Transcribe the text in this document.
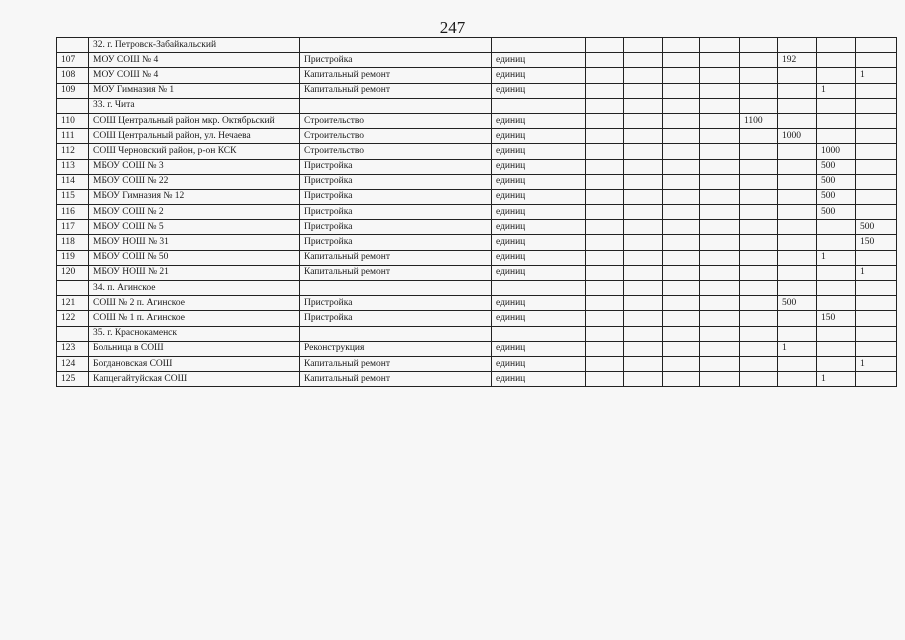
247
	32. г. Петровск-Забайкальский										
107	МОУ СОШ № 4	Пристройка	единиц						192		
108	МОУ СОШ № 4	Капитальный ремонт	единиц								1
109	МОУ Гимназия № 1	Капитальный ремонт	единиц							1	
	33. г. Чита										
110	СОШ Центральный район мкр. Октябрьский	Строительство	единиц					1100			
111	СОШ Центральный район, ул. Нечаева	Строительство	единиц						1000		
112	СОШ Черновский район, р-он КСК	Строительство	единиц							1000	
113	МБОУ СОШ № 3	Пристройка	единиц							500	
114	МБОУ СОШ № 22	Пристройка	единиц							500	
115	МБОУ Гимназия № 12	Пристройка	единиц							500	
116	МБОУ СОШ № 2	Пристройка	единиц							500	
117	МБОУ СОШ № 5	Пристройка	единиц								500
118	МБОУ НОШ № 31	Пристройка	единиц								150
119	МБОУ СОШ № 50	Капитальный ремонт	единиц							1	
120	МБОУ НОШ № 21	Капитальный ремонт	единиц								1
	34. п. Агинское										
121	СОШ № 2 п. Агинское	Пристройка	единиц						500		
122	СОШ № 1 п. Агинское	Пристройка	единиц							150	
	35. г. Краснокаменск										
123	Больница в СОШ	Реконструкция	единиц						1		
124	Богдановская СОШ	Капитальный ремонт	единиц								1
125	Капцегайтуйская СОШ	Капитальный ремонт	единиц							1	
